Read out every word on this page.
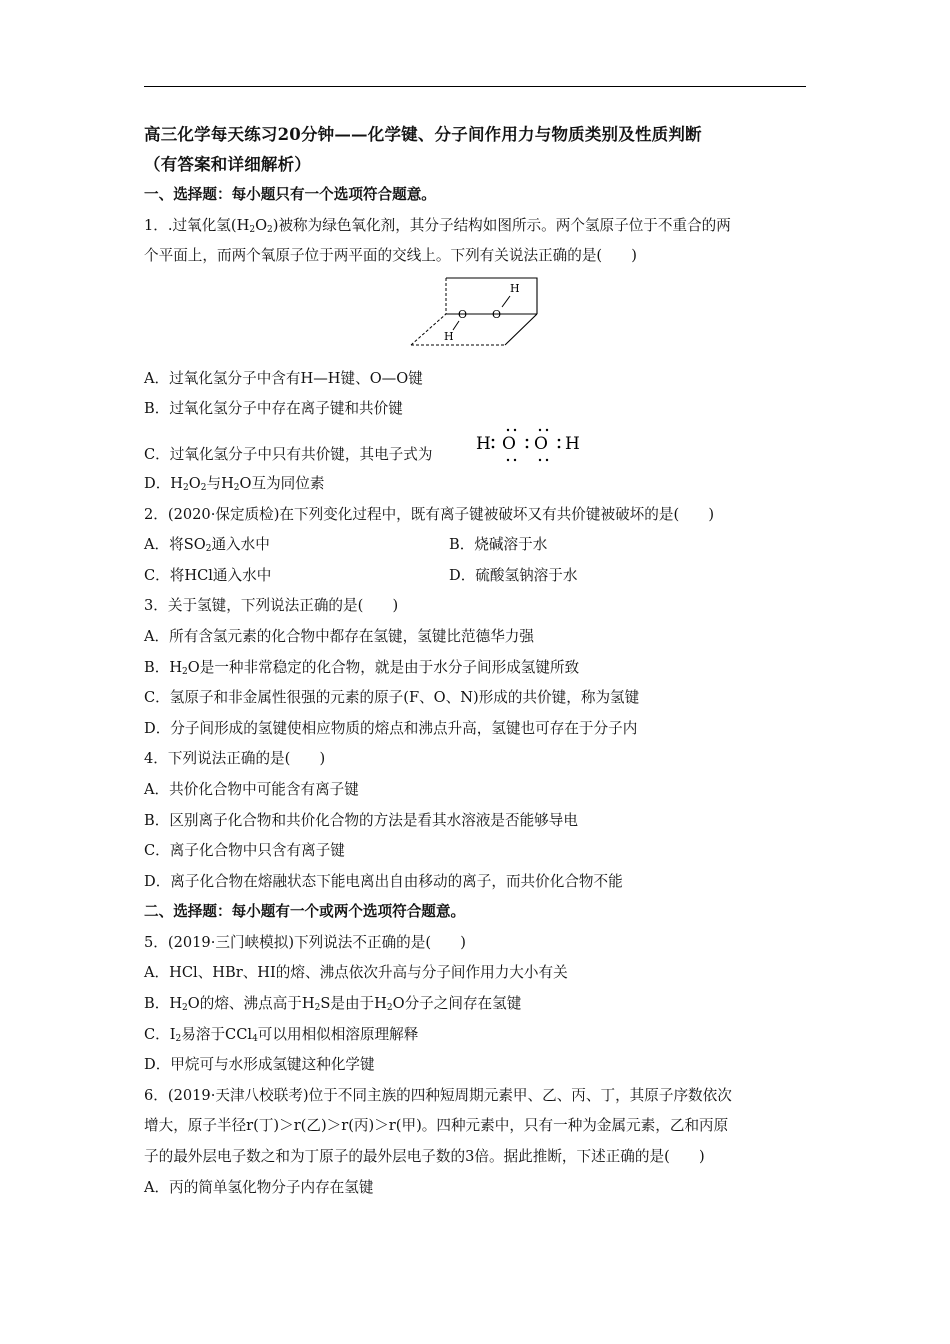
高三化学每天练习20分钟——化学键、分子间作用力与物质类别及性质判断
（有答案和详细解析）
一、选择题：每小题只有一个选项符合题意。
1．.过氧化氢$(H_2O_2)$被称为绿色氧化剂，其分子结构如图所示。两个氢原子位于不重合的两
个平面上，而两个氧原子位于两平面的交线上。下列有关说法正确的是(　　)
H
O O
H
A．过氧化氢分子中含有H—H键、O—O键
B．过氧化氢分子中存在离子键和共价键
C．过氧化氢分子中只有共价键，其电子式为
H O O H
D．$H_2O_2$与$H_2O$互为同位素
2．(2020·保定质检)在下列变化过程中，既有离子键被破坏又有共价键被破坏的是(　　)
A．将$SO_2$通入水中	B．烧碱溶于水
C．将HCl通入水中	D．硫酸氢钠溶于水
3．关于氢键，下列说法正确的是(　　)
A．所有含氢元素的化合物中都存在氢键，氢键比范德华力强
B．$H_2O$是一种非常稳定的化合物，就是由于水分子间形成氢键所致
C．氢原子和非金属性很强的元素的原子(F、O、N)形成的共价键，称为氢键
D．分子间形成的氢键使相应物质的熔点和沸点升高，氢键也可存在于分子内
4．下列说法正确的是(　　)
A．共价化合物中可能含有离子键
B．区别离子化合物和共价化合物的方法是看其水溶液是否能够导电
C．离子化合物中只含有离子键
D．离子化合物在熔融状态下能电离出自由移动的离子，而共价化合物不能
二、选择题：每小题有一个或两个选项符合题意。
5．(2019·三门峡模拟)下列说法不正确的是(　　)
A．HCl、HBr、HI的熔、沸点依次升高与分子间作用力大小有关
B．$H_2O$的熔、沸点高于$H_2S$是由于$H_2O$分子之间存在氢键
C．$I_2$易溶于CCl$_4$可以用相似相溶原理解释
D．甲烷可与水形成氢键这种化学键
6．(2019·天津八校联考)位于不同主族的四种短周期元素甲、乙、丙、丁，其原子序数依次
增大，原子半径r(丁)＞r(乙)＞r(丙)＞r(甲)。四种元素中，只有一种为金属元素，乙和丙原
子的最外层电子数之和为丁原子的最外层电子数的3倍。据此推断，下述正确的是(　　)
A．丙的简单氢化物分子内存在氢键
